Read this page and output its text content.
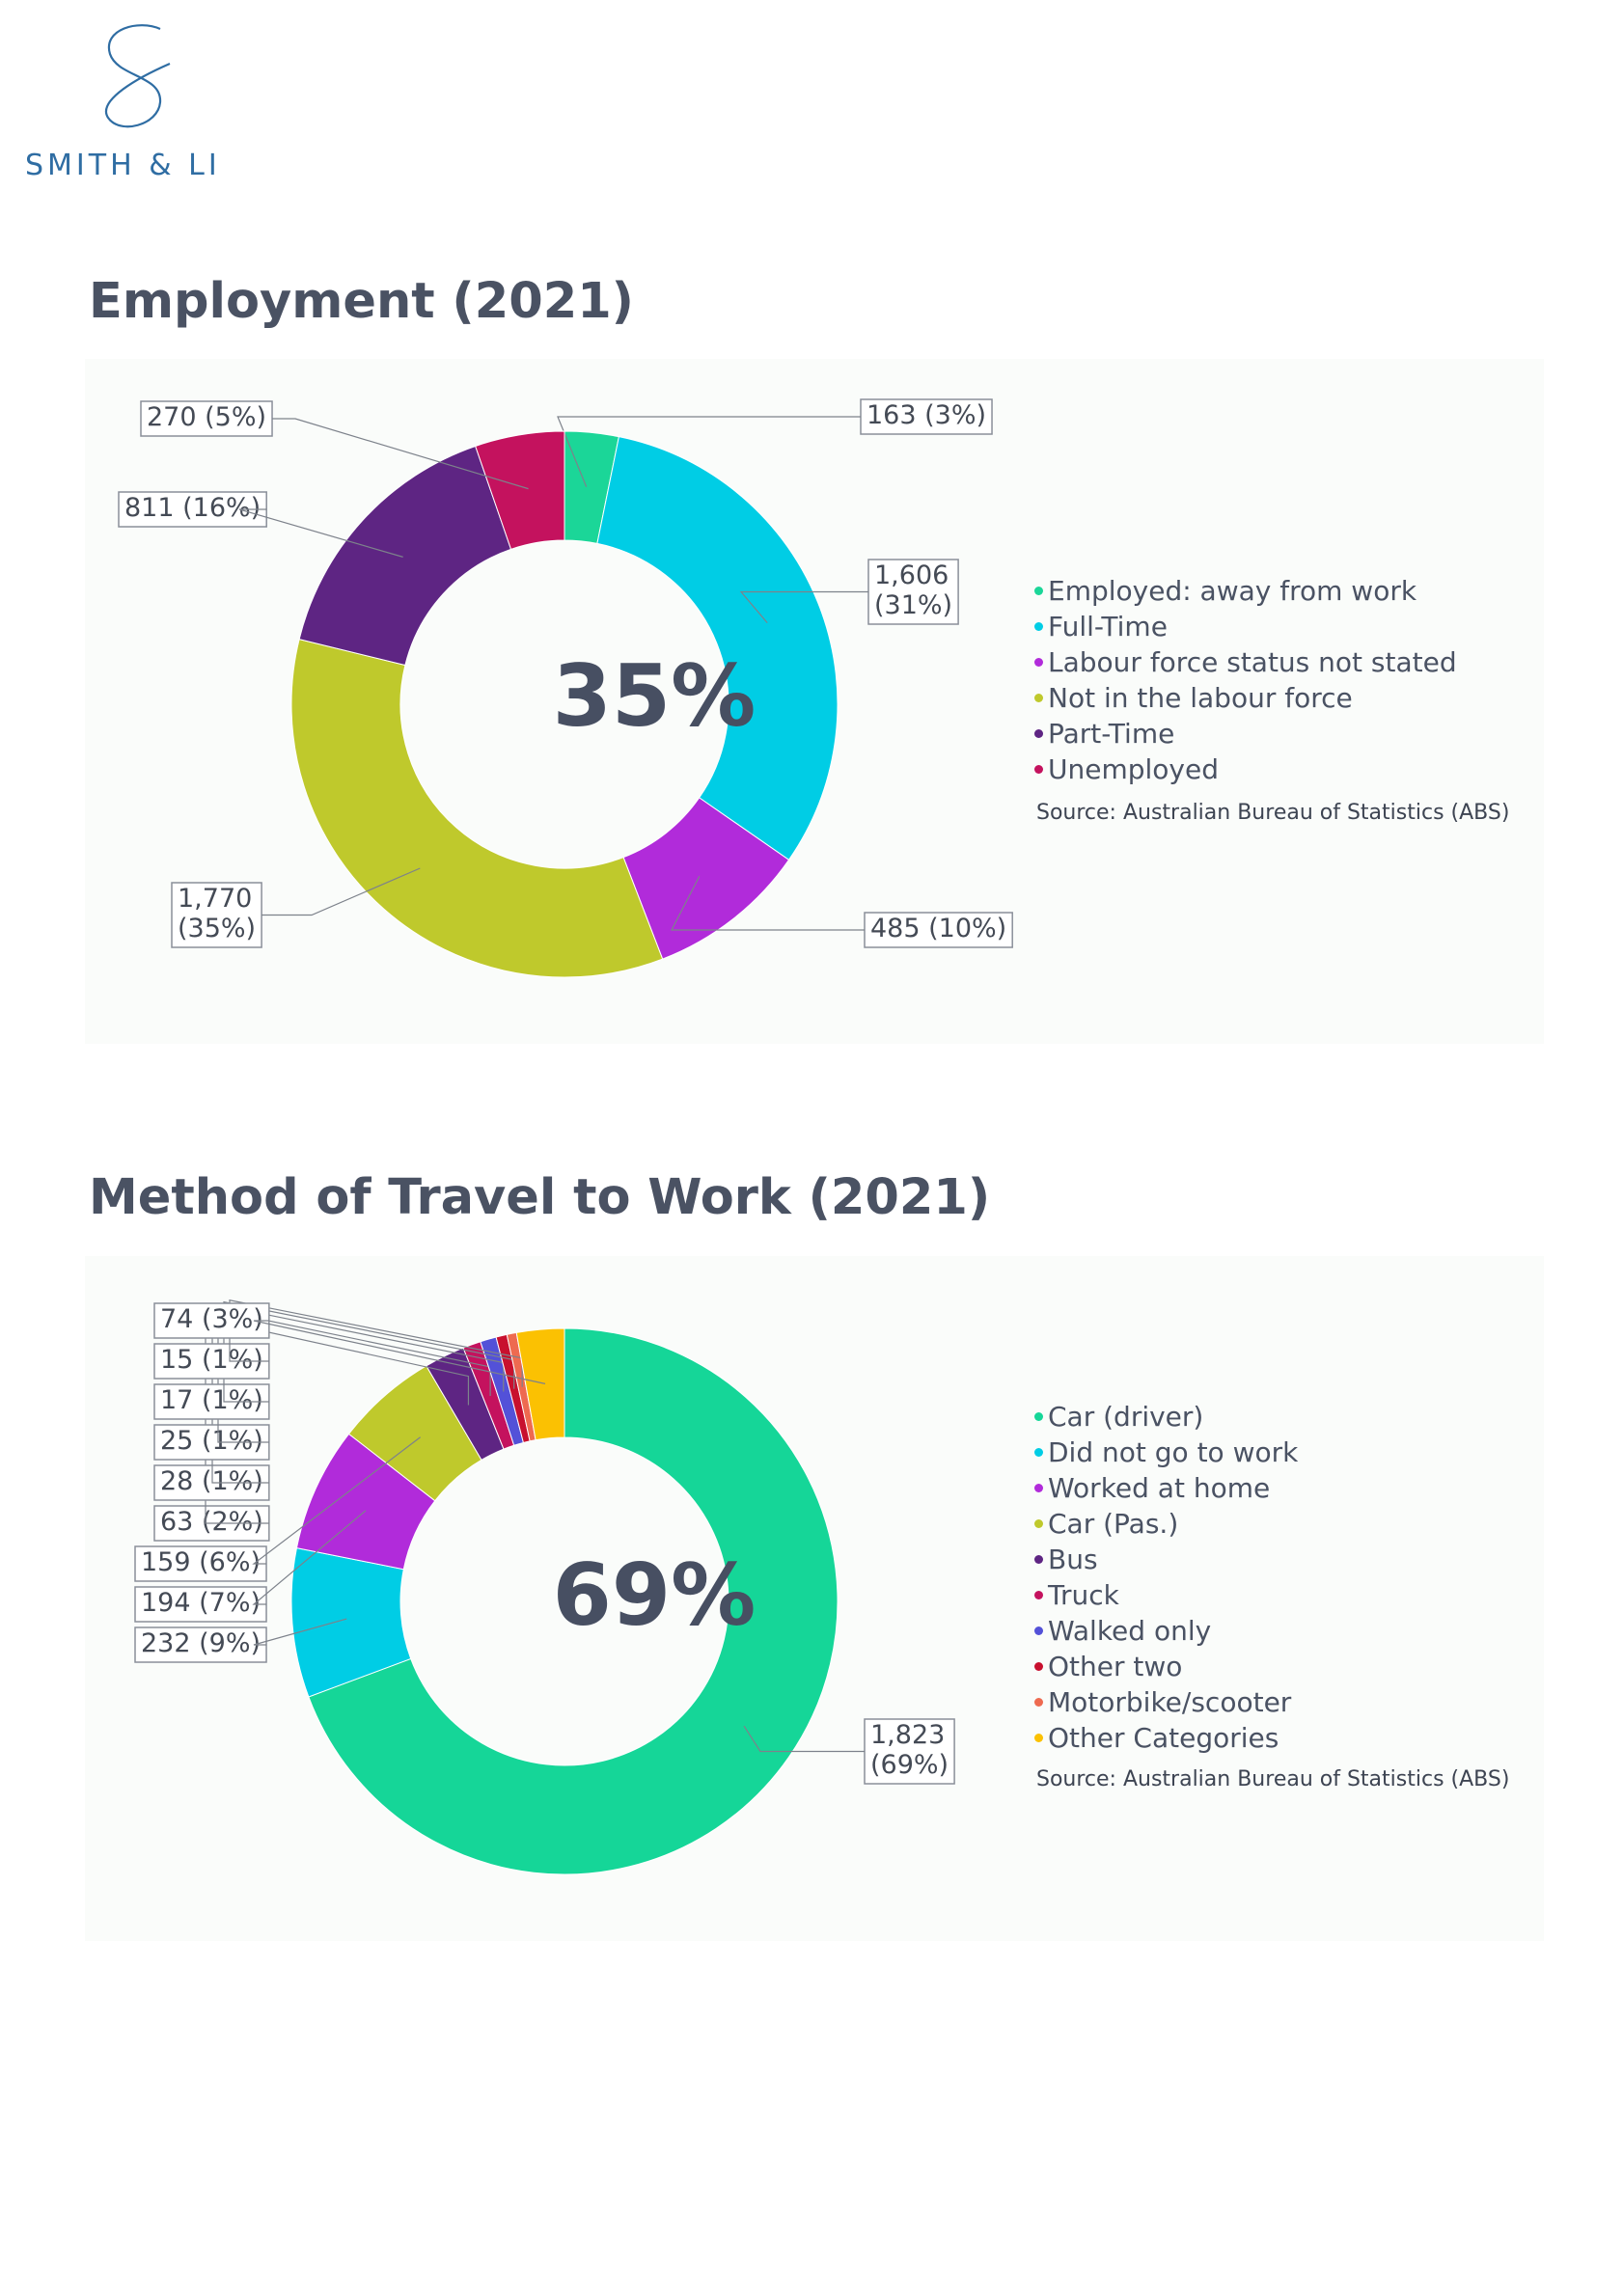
SMITH & LI
Employment (2021)
163 (3%)
1,606
(31%)
485 (10%)
1,770
(35%)
811 (16%)
270 (5%)
35%
Employed: away from work
Full-Time
Labour force status not stated
Not in the labour force
Part-Time
Unemployed
Source: Australian Bureau of Statistics (ABS)
Method of Travel to Work (2021)
1,823
(69%)
232 (9%)
194 (7%)
159 (6%)
63 (2%)
28 (1%)
25 (1%)
17 (1%)
15 (1%)
74 (3%)
69%
Car (driver)
Did not go to work
Worked at home
Car (Pas.)
Bus
Truck
Walked only
Other two
Motorbike/scooter
Other Categories
Source: Australian Bureau of Statistics (ABS)
